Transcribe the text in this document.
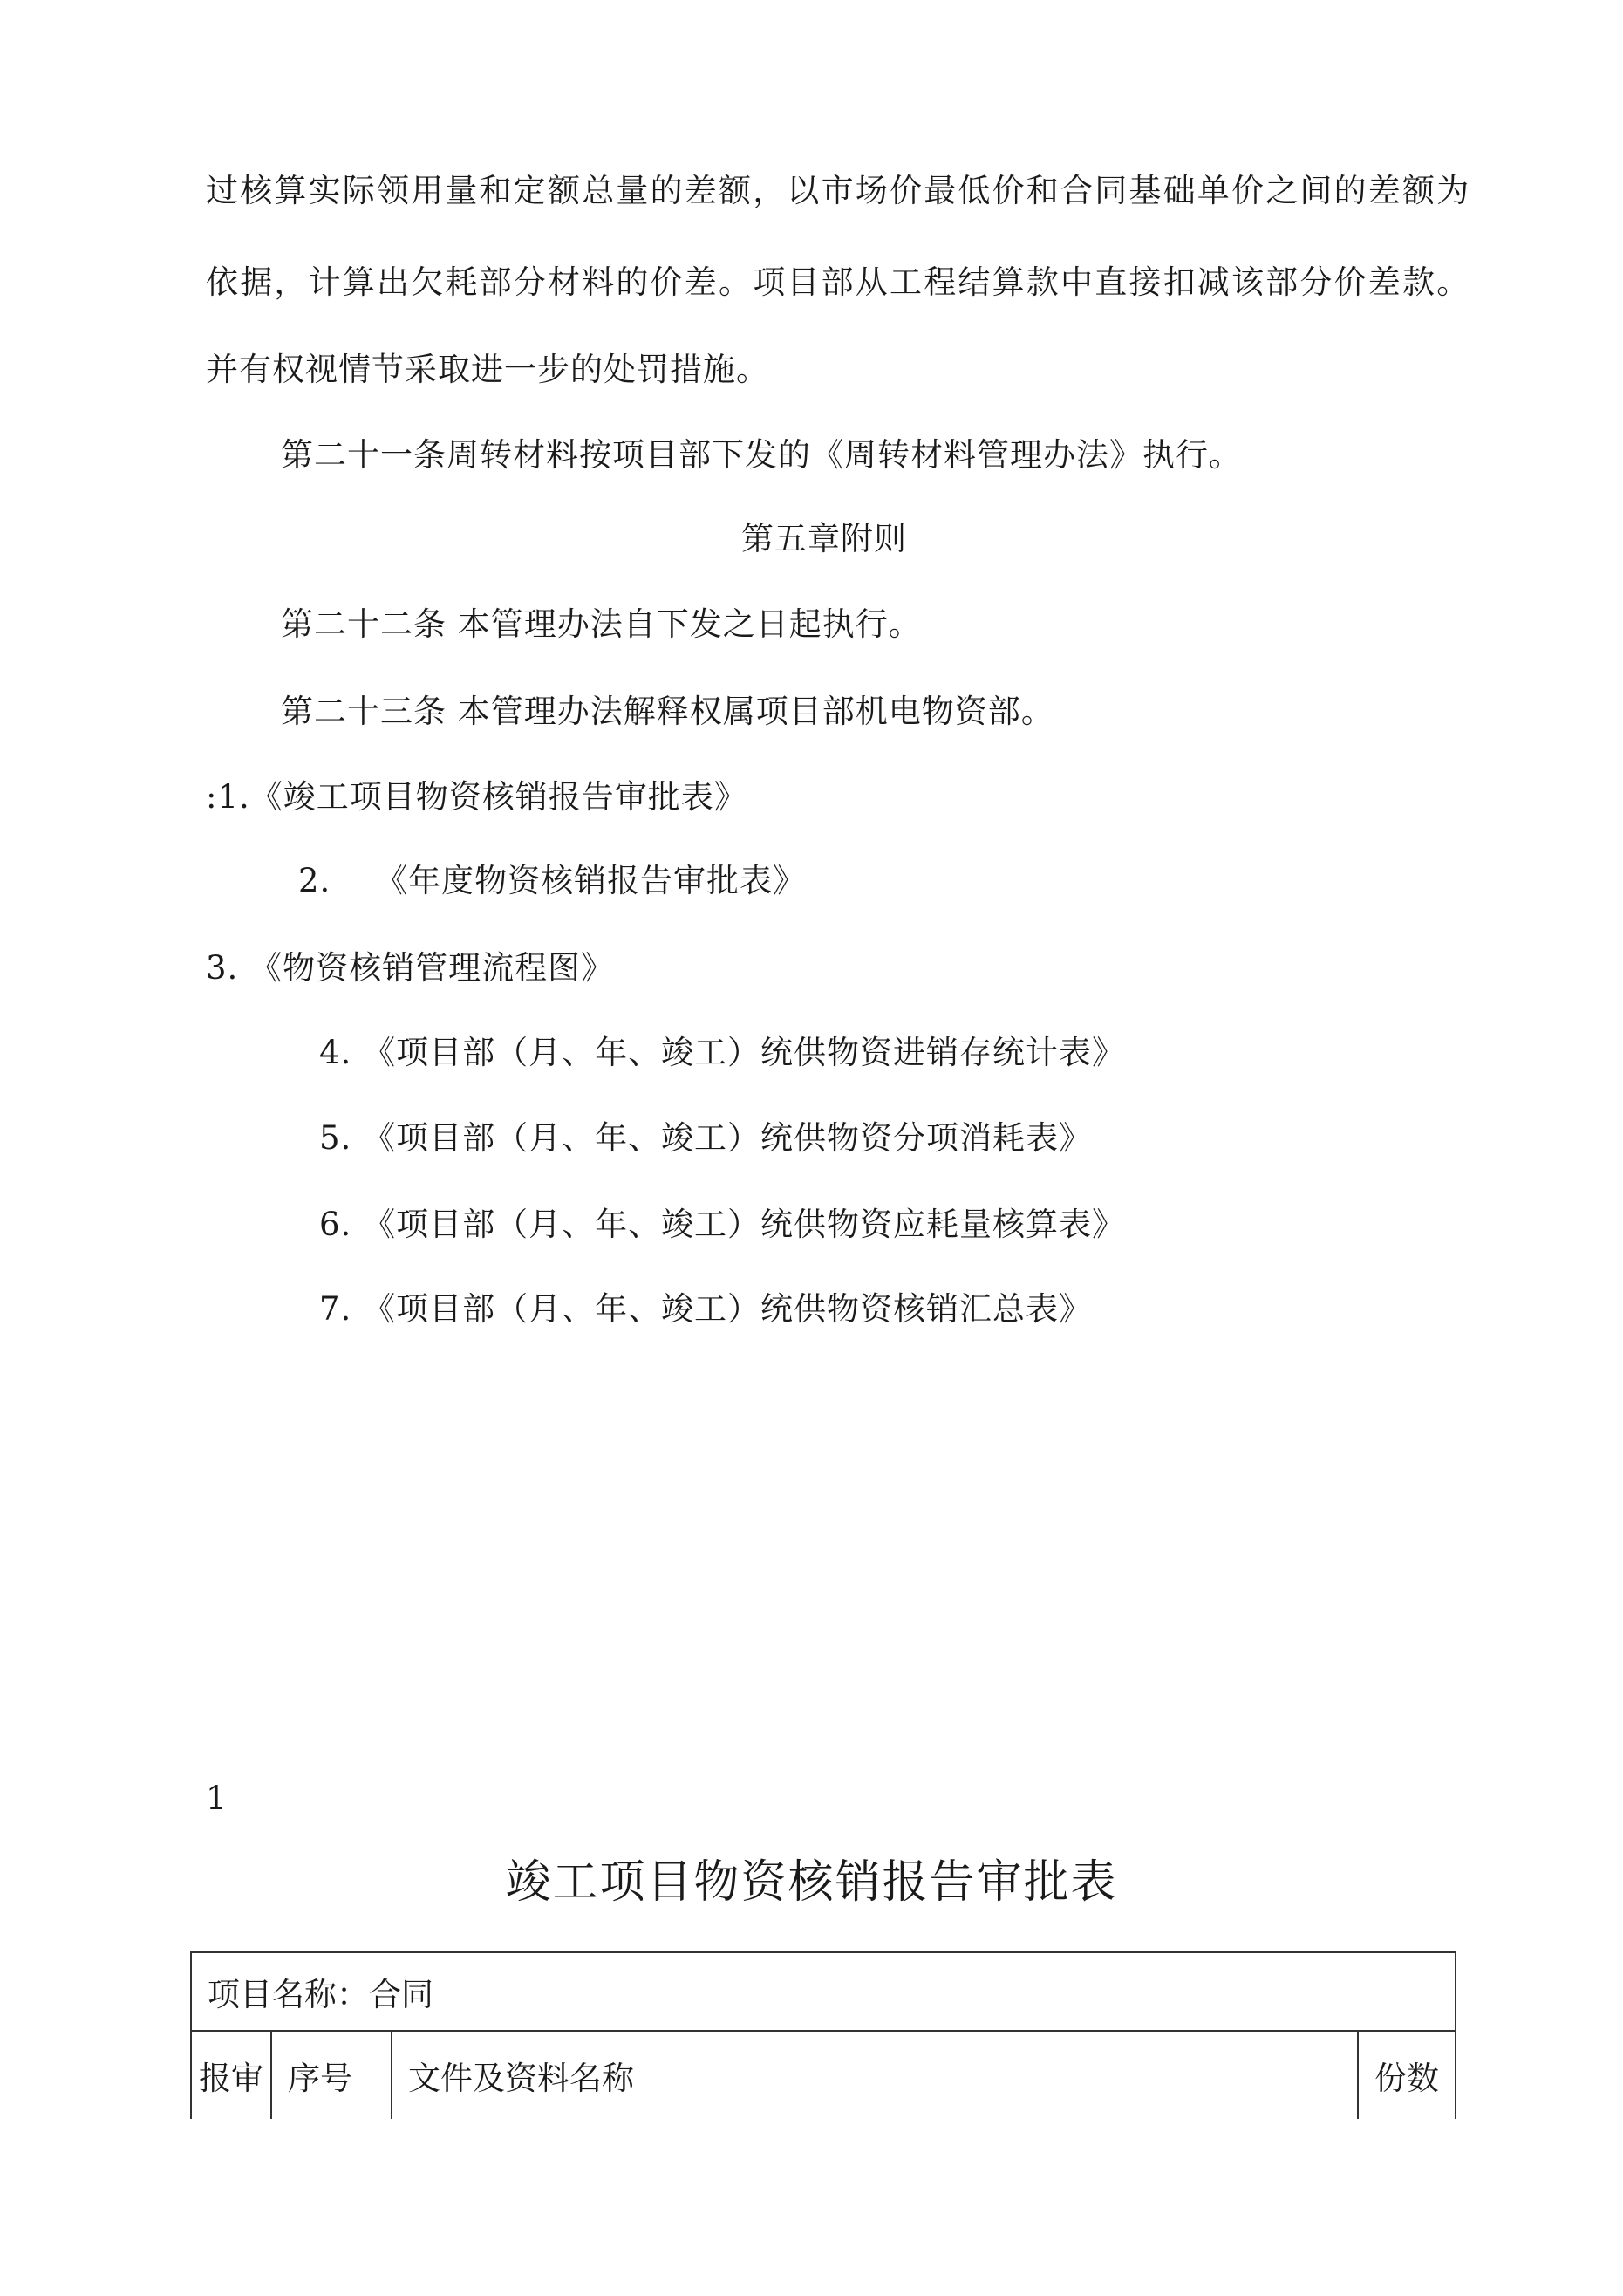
过核算实际领用量和定额总量的差额，以市场价最低价和合同基础单价之间的差额为
依据，计算出欠耗部分材料的价差。项目部从工程结算款中直接扣减该部分价差款。
并有权视情节采取进一步的处罚措施。
第二十一条周转材料按项目部下发的《周转材料管理办法》执行。
第五章附则
第二十二条 本管理办法自下发之日起执行。
第二十三条 本管理办法解释权属项目部机电物资部。
:1.《竣工项目物资核销报告审批表》
2.　 《年度物资核销报告审批表》
3. 《物资核销管理流程图》
4. 《项目部（月、年、竣工）统供物资进销存统计表》
5. 《项目部（月、年、竣工）统供物资分项消耗表》
6. 《项目部（月、年、竣工）统供物资应耗量核算表》
7. 《项目部（月、年、竣工）统供物资核销汇总表》
1
竣工项目物资核销报告审批表
项目名称：合同
报审	序号	文件及资料名称	份数
